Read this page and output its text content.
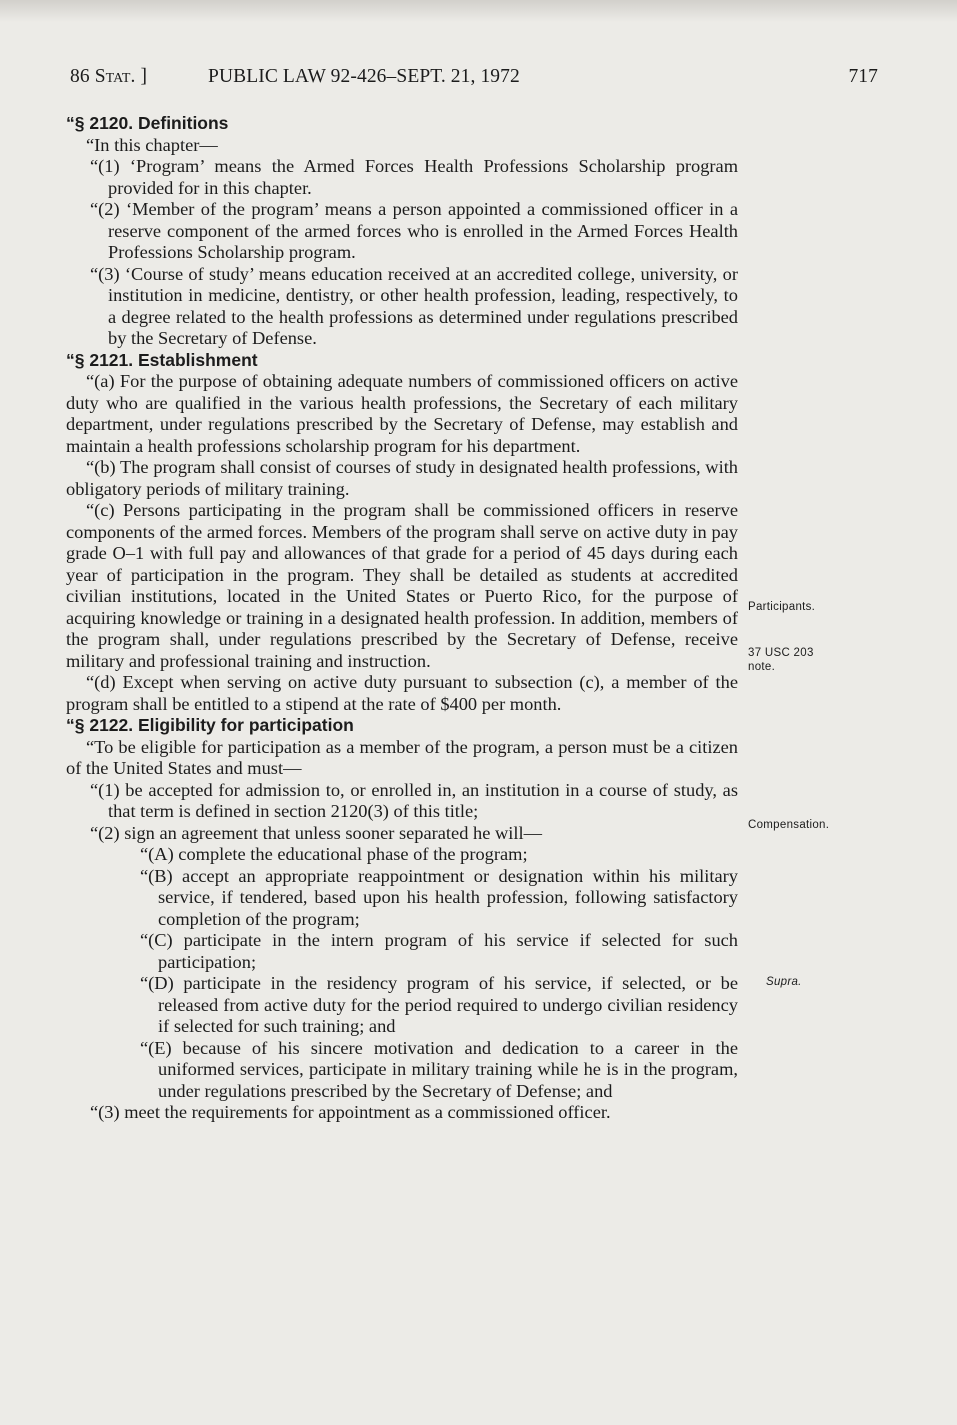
86 Stat. ]	PUBLIC LAW 92-426–SEPT. 21, 1972	717

“§ 2120. Definitions

“In this chapter—

“(1) ‘Program’ means the Armed Forces Health Professions Scholarship program provided for in this chapter.

“(2) ‘Member of the program’ means a person appointed a commissioned officer in a reserve component of the armed forces who is enrolled in the Armed Forces Health Professions Scholarship program.

“(3) ‘Course of study’ means education received at an accredited college, university, or institution in medicine, dentistry, or other health profession, leading, respectively, to a degree related to the health professions as determined under regulations prescribed by the Secretary of Defense.

“§ 2121. Establishment

“(a) For the purpose of obtaining adequate numbers of commissioned officers on active duty who are qualified in the various health professions, the Secretary of each military department, under regulations prescribed by the Secretary of Defense, may establish and maintain a health professions scholarship program for his department.

“(b) The program shall consist of courses of study in designated health professions, with obligatory periods of military training.

“(c) Persons participating in the program shall be commissioned officers in reserve components of the armed forces. Members of the program shall serve on active duty in pay grade O–1 with full pay and allowances of that grade for a period of 45 days during each year of participation in the program. They shall be detailed as students at accredited civilian institutions, located in the United States or Puerto Rico, for the purpose of acquiring knowledge or training in a designated health profession. In addition, members of the program shall, under regulations prescribed by the Secretary of Defense, receive military and professional training and instruction.

“(d) Except when serving on active duty pursuant to subsection (c), a member of the program shall be entitled to a stipend at the rate of $400 per month.

“§ 2122. Eligibility for participation

“To be eligible for participation as a member of the program, a person must be a citizen of the United States and must—

“(1) be accepted for admission to, or enrolled in, an institution in a course of study, as that term is defined in section 2120(3) of this title;

“(2) sign an agreement that unless sooner separated he will—

“(A) complete the educational phase of the program;

“(B) accept an appropriate reappointment or designation within his military service, if tendered, based upon his health profession, following satisfactory completion of the program;

“(C) participate in the intern program of his service if selected for such participation;

“(D) participate in the residency program of his service, if selected, or be released from active duty for the period required to undergo civilian residency if selected for such training; and

“(E) because of his sincere motivation and dedication to a career in the uniformed services, participate in military training while he is in the program, under regulations prescribed by the Secretary of Defense; and

“(3) meet the requirements for appointment as a commissioned officer.

Participants.
37 USC 203 note.
Compensation.
Supra.
